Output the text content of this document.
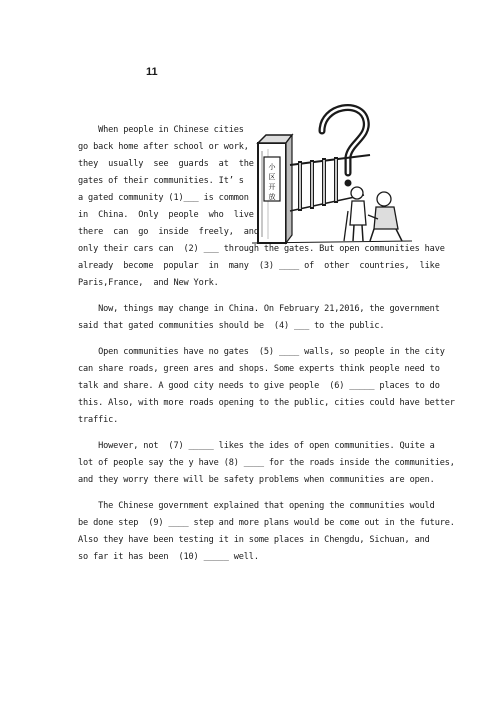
11
小
区
开
放
When people in Chinese cities
go back home after school or work,
they  usually  see  guards  at  the
gates of their communities. It’ s
a gated community (1)___ is common
in  China.  Only  people  who  live
there  can  go  inside  freely,  and
only their cars can  (2) ___ through the gates. But open communities have
already  become  popular  in  many  (3) ____ of  other  countries,  like
Paris,France,  and New York.
Now, things may change in China. On February 21,2016, the government
said that gated communities should be  (4) ___ to the public.
Open communities have no gates  (5) ____ walls, so people in the city
can share roads, green ares and shops. Some experts think people need to
talk and share. A good city needs to give people  (6) _____ places to do
this. Also, with more roads opening to the public, cities could have better
traffic.
However, not  (7) _____ likes the ides of open communities. Quite a
lot of people say the y have (8) ____ for the roads inside the communities,
and they worry there will be safety problems when communities are open.
The Chinese government explained that opening the communities would
be done step  (9) ____ step and more plans would be come out in the future.
Also they have been testing it in some places in Chengdu, Sichuan, and
so far it has been  (10) _____ well.
